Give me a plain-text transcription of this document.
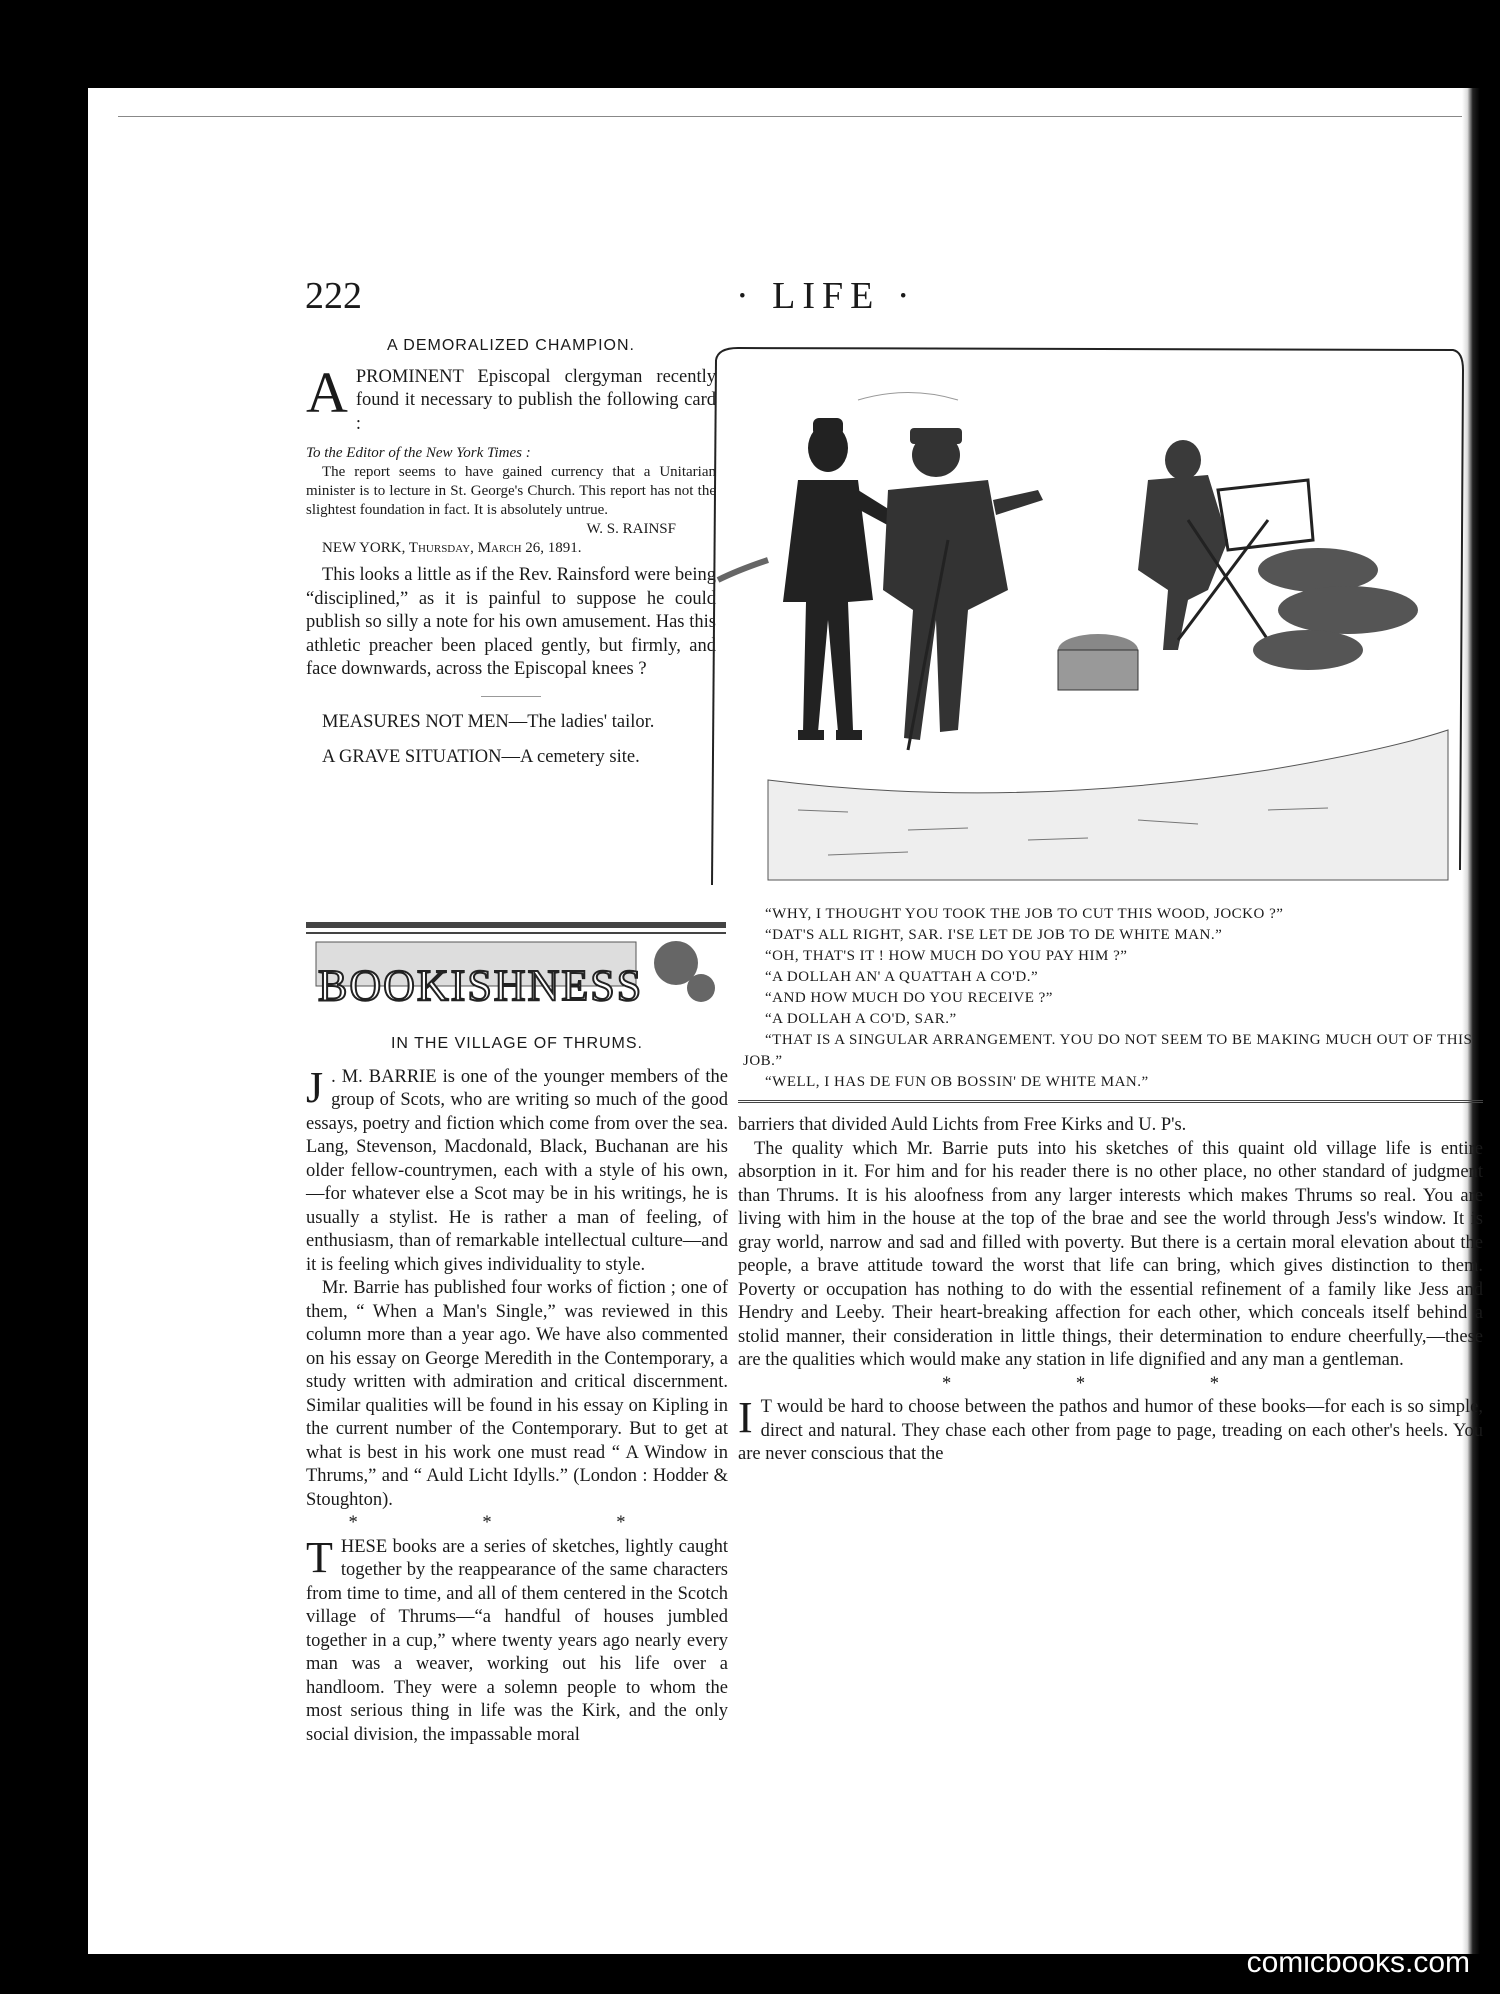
222	· LIFE ·

A DEMORALIZED CHAMPION.

APROMINENT Episcopal clergyman recently found it necessary to publish the following card :

To the Editor of the New York Times :

The report seems to have gained currency that a Unitarian minister is to lecture in St. George's Church. This report has not the slightest found⁠ation in fact. It is absolutely untrue.

W. S. RAINSF

NEW YORK, Thursday, March 26, 1891.

This looks a little as if the R⁠ev. Rainsford were being “disciplined,” as it is painful to suppose he could publish so silly a note for his own amusement. Has this athletic preacher been placed gently, but firmly, and face downwards, across the Episcopal knees ?

MEASURES NOT MEN—The ladies' tailor.

A GRAVE SITUATION—A cemetery site.

BOOKISHNESS

IN THE VILLAGE OF THRUMS.

J . M. BARRIE is one of the younger members of the group of Scots, who are writing so much of the good essays, poetry and fiction which come from over the sea. Lang, Stevenson, Macdonald, Black, Buchanan are his older fellow-countrymen, each with a style of his own,—for whatever else a Scot may be in his writings, he is usually a stylist. He is rather a man of feeling, of enthusiasm, than of remarkable intellectual culture—and it is feeling which gives individuality to style.

Mr. Barrie has published four works of fiction ; one of them, “ When a Man's Single,” was reviewed in this column more than a year ago. We have also commented on his essay on George Meredith in the Contemporary, a study written with admiration and critical discernment. Similar qualities will be found in his essay on Kipling in the current number of the Contemporary. But to get at what is best in his work one must read “ A Window in Thrums,” and “ Auld Licht Idylls.” (London : Hodder & Stoughton).

* * *

THESE books are a series of sketches, lightly caught together by the reappearance of the same characters from time to time, and all of them centered in the Scotch village of Thrums—“a handful of houses jumbled together in a cup,” where twenty years ago nearly every man was a weaver, working out his life over a handloom. They were a solemn people to whom the most serious thing in life was the Kirk, and the only social division, the impassable moral

“WHY, I THOUGHT YOU TOOK THE JOB TO CUT THIS WOOD, JOCKO ?”

“DAT'S ALL RIGHT, SAR. I'SE LET DE JOB TO DE WHITE MAN.”

“OH, THAT'S IT ! HOW MUCH DO YOU PAY HIM ?”

“A DOLLAH AN' A QUATTAH A CO'D.”

“AND HOW MUCH DO YOU RECEIVE ?”

“A DOLLAH A CO'D, SAR.”

“THAT IS A SINGULAR ARRANGEMENT. YOU DO NOT SEEM TO BE MAKING MUCH OUT OF THIS JOB.”

“WELL, I HAS DE FUN OB BOSSIN' DE WHITE MAN.”

barriers that divided Auld Lichts from Free Kirks and U. P's.

The quality which Mr. Barrie puts into his sketches of this quaint old village life is entire absorption in it. For him and for his reader there is no other place, no other standard of judgment than Thrums. It is his aloofness from any larger interests which makes Thrums so real. You are living with him in the house at the top of the brae and see the world through Jess's window. It is gray world, narrow and sad and filled with poverty. But there is a certain moral elevation about the people, a brave attitude toward the worst that life can bring, which gives distinction to them. Poverty or occupation has nothing to do with the essential refinement of a family like Jess and Hendry and Leeby. Their heart-breaking affection for each other, which conceals itself behind a stolid manner, their consideration in little things, their determination to endure cheerfully,—these are the qualities which would make any station in life dignified and any man a gentleman.

* * *

I T would be hard to choose between the pathos and humor of these books—for each is so simple, direct and natural. They chase each other from page to page, treading on each other's heels. You are never conscious tha⁠t the

comicbooks.com
